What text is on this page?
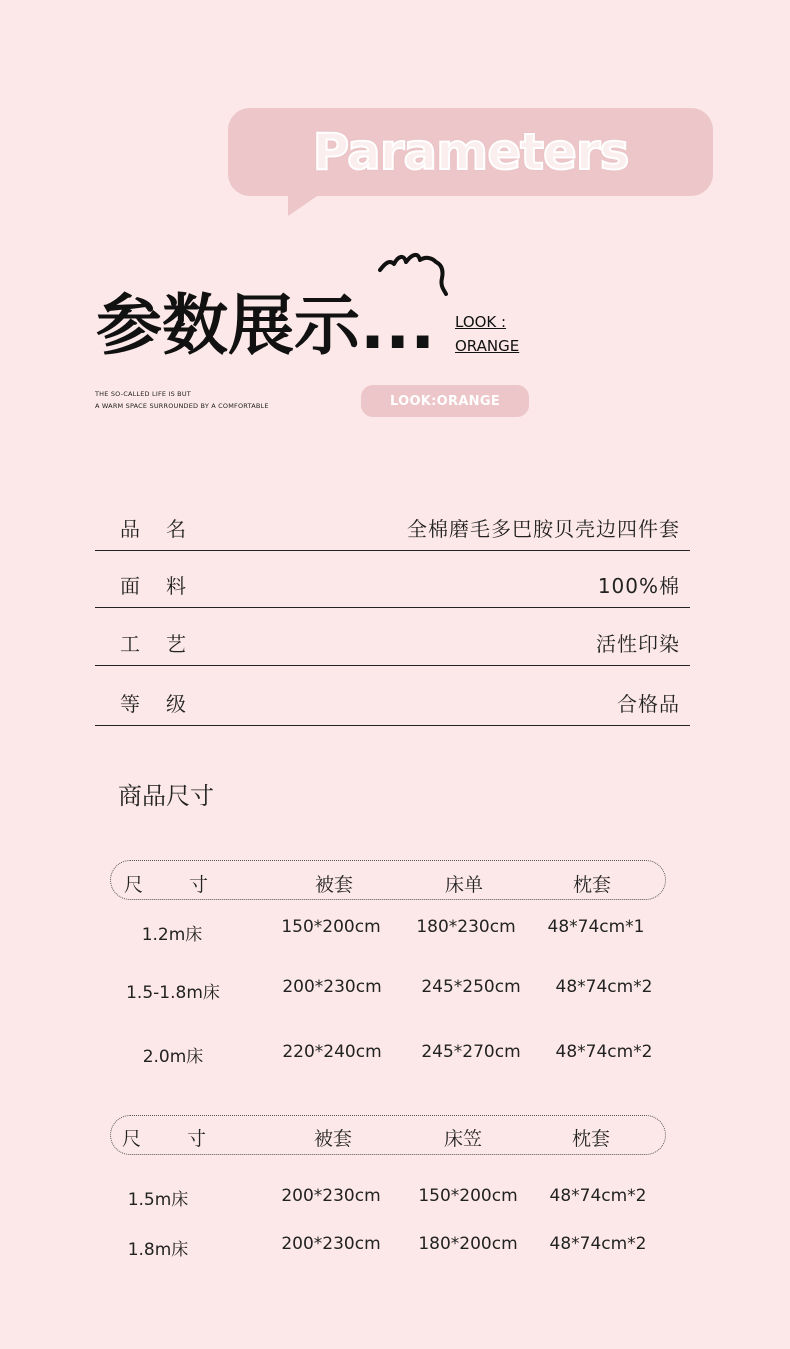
Parameters
参数展示... LOOK :
ORANGE
THE SO-CALLED LIFE IS BUT
A WARM SPACE SURROUNDED BY A COMFORTABLE	LOOK:ORANGE
品名	全棉磨毛多巴胺贝壳边四件套
面料	100%棉
工艺	活性印染
等级	合格品
商品尺寸
尺 寸	被套	床单	枕套
1.2m床	150*200cm 180*230cm 48*74cm*1
1.5-1.8m床	200*230cm 245*250cm 48*74cm*2
2.0m床	220*240cm 245*270cm 48*74cm*2
尺 寸	被套	床笠	枕套
1.5m床	200*230cm 150*200cm 48*74cm*2
1.8m床	200*230cm 180*200cm 48*74cm*2
